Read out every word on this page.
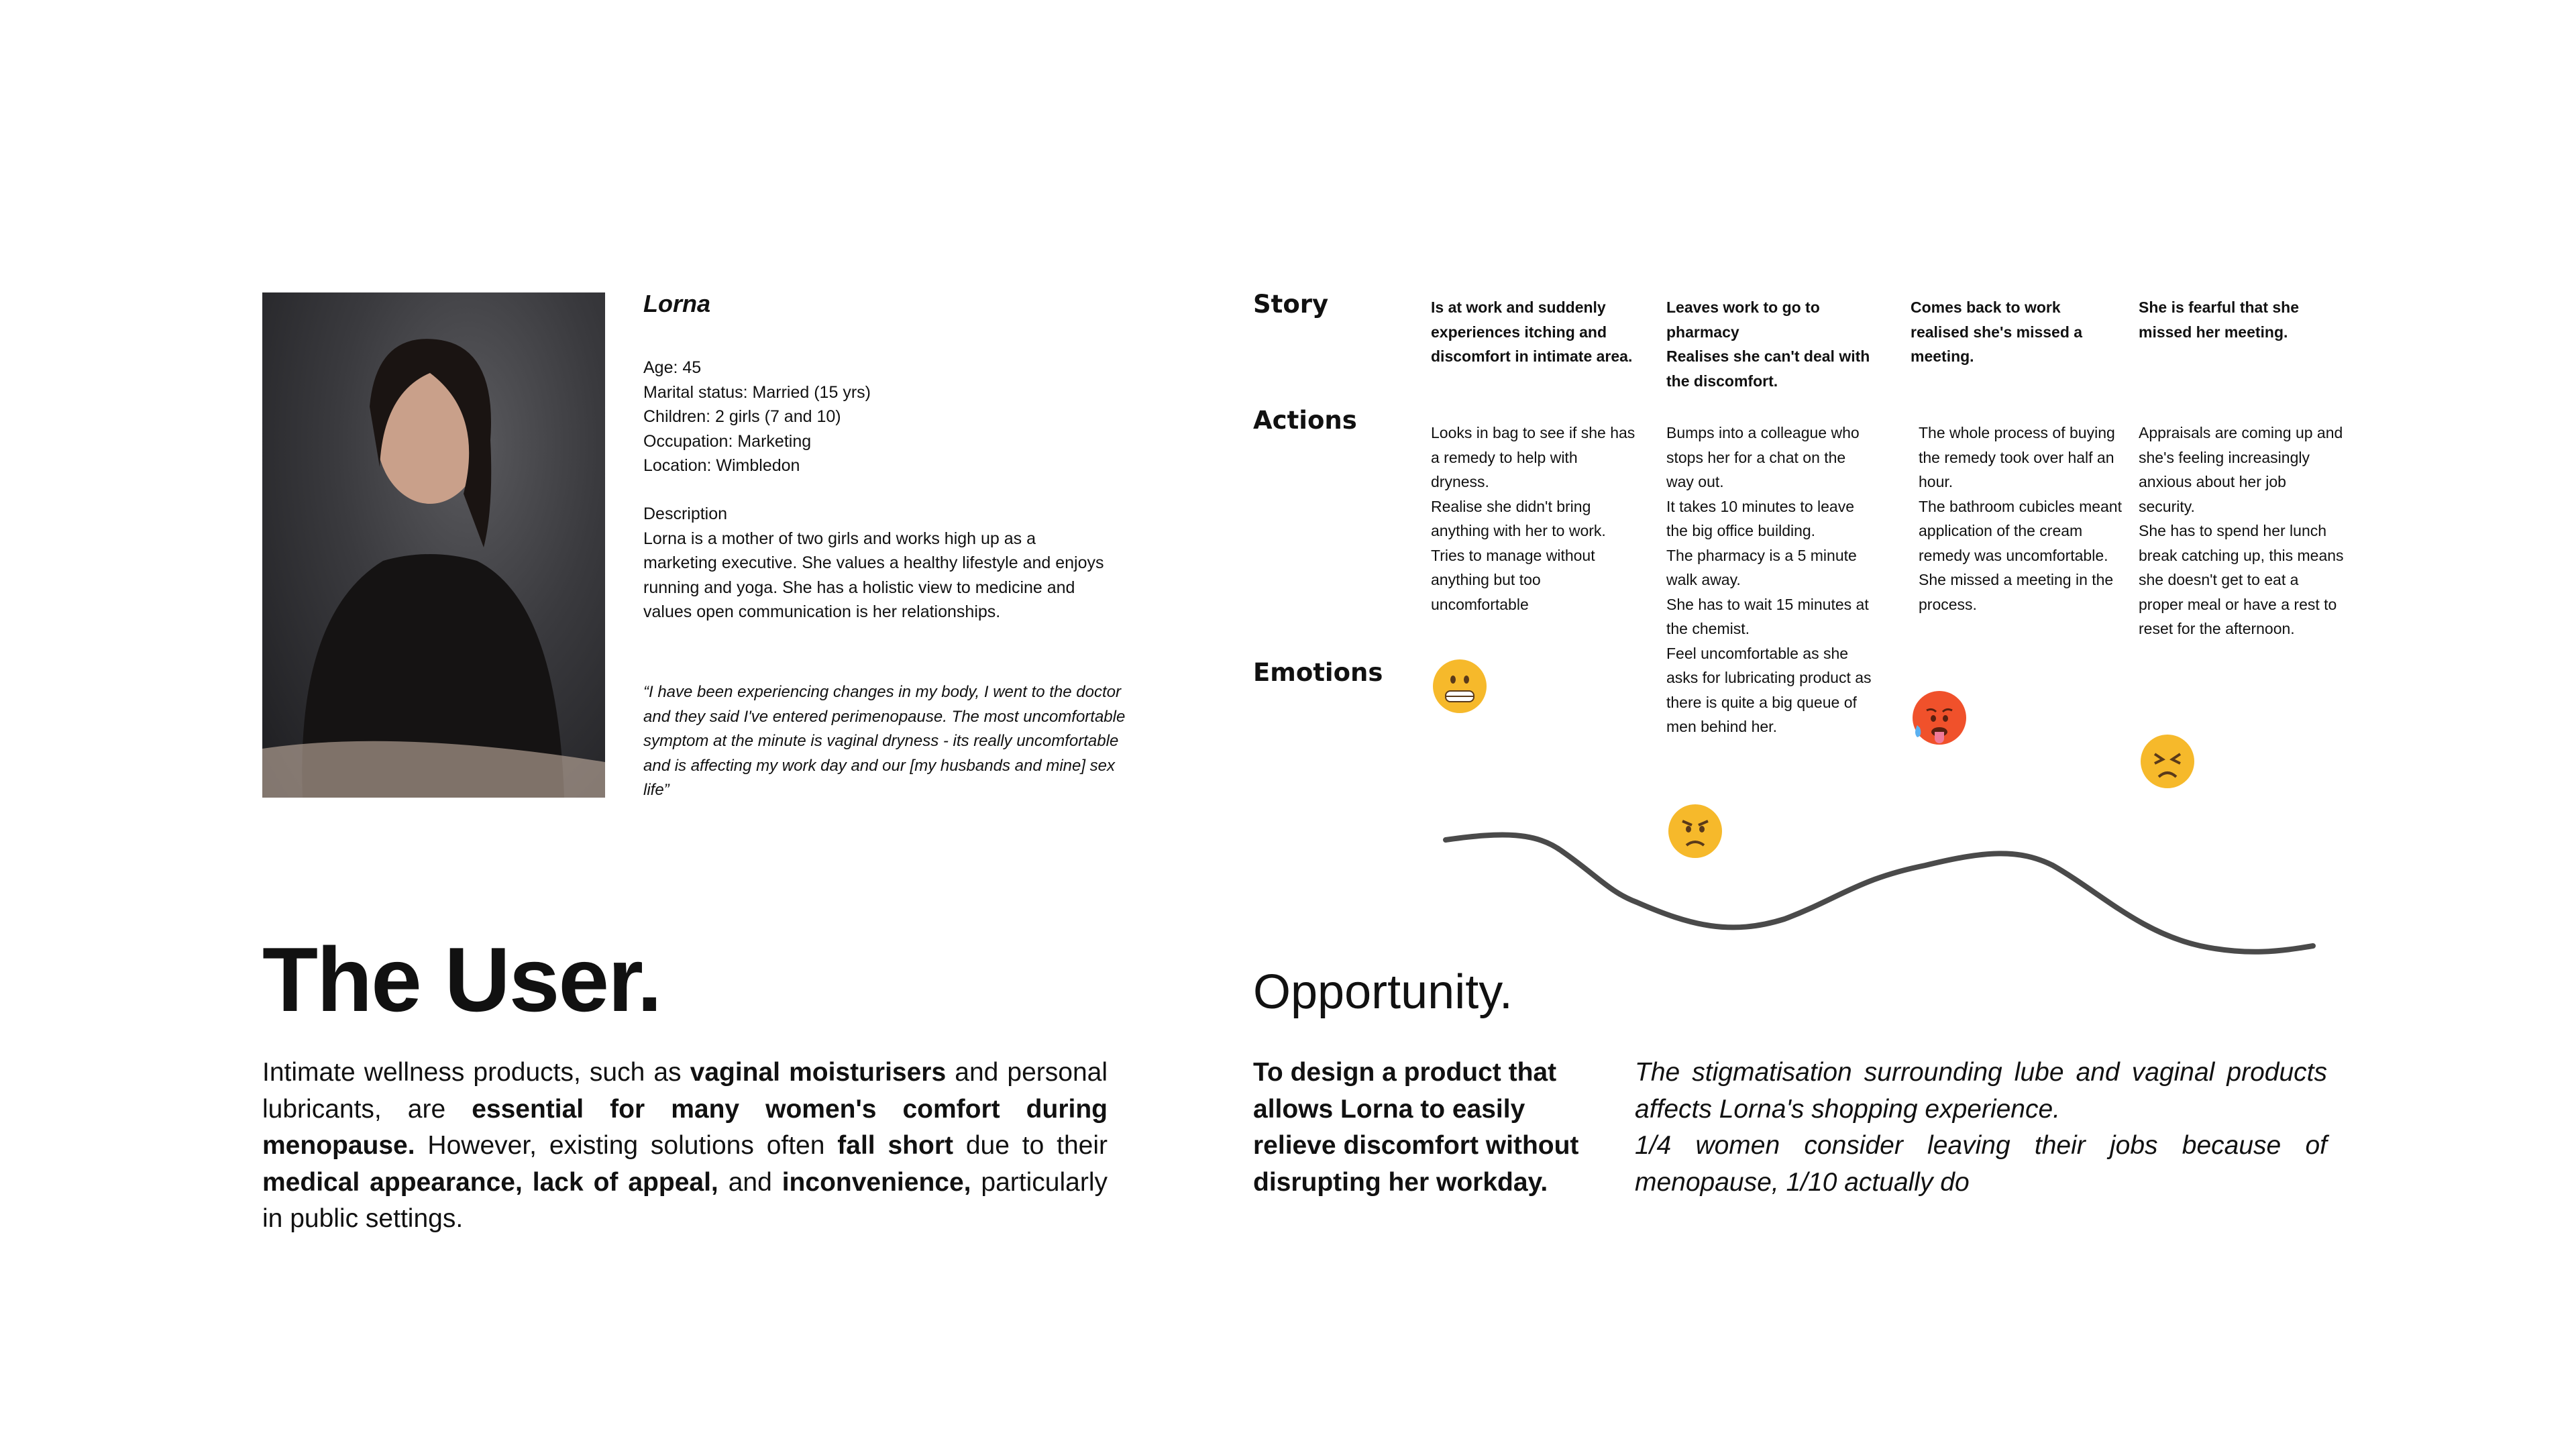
Lorna
Age: 45
Marital status: Married (15 yrs)
Children: 2 girls (7 and 10)
Occupation: Marketing
Location: Wimbledon
Description
Lorna is a mother of two girls and works high up as a marketing executive. She values a healthy lifestyle and enjoys running and yoga. She has a holistic view to medicine and values open communication is her relationships.
“I have been experiencing changes in my body, I went to the doctor and they said I've entered perimenopause. The most uncomfortable symptom at the minute is vaginal dryness - its really uncomfortable and is affecting my work day and our [my husbands and mine] sex life”
Story
Actions
Emotions
Is at work and suddenly experiences itching and discomfort in intimate area.
Looks in bag to see if she has a remedy to help with dryness.
Realise she didn't bring anything with her to work.
Tries to manage without anything but too uncomfortable
Leaves work to go to pharmacy
Realises she can't deal with the discomfort.
Bumps into a colleague who stops her for a chat on the way out.
It takes 10 minutes to leave the big office building.
The pharmacy is a 5 minute walk away.
She has to wait 15 minutes at the chemist.
Feel uncomfortable as she asks for lubricating product as there is quite a big queue of men behind her.
Comes back to work realised she's missed a meeting.
The whole process of buying the remedy took over half an hour.
The bathroom cubicles meant application of the cream remedy was uncomfortable.
She missed a meeting in the process.
She is fearful that she missed her meeting.
Appraisals are coming up and she's feeling increasingly anxious about her job security.
She has to spend her lunch break catching up, this means she doesn't get to eat a proper meal or have a rest to reset for the afternoon.
The User.
Intimate wellness products, such as vaginal moisturisers and personal lubricants, are essential for many women's comfort during menopause. However, existing solutions often fall short due to their medical appearance, lack of appeal, and inconvenience, particularly in public settings.
Opportunity.
To design a product that allows Lorna to easily relieve discomfort without disrupting her workday.
The stigmatisation surrounding lube and vaginal products affects Lorna's shopping experience.
1/4 women consider leaving their jobs because of menopause, 1/10 actually do
